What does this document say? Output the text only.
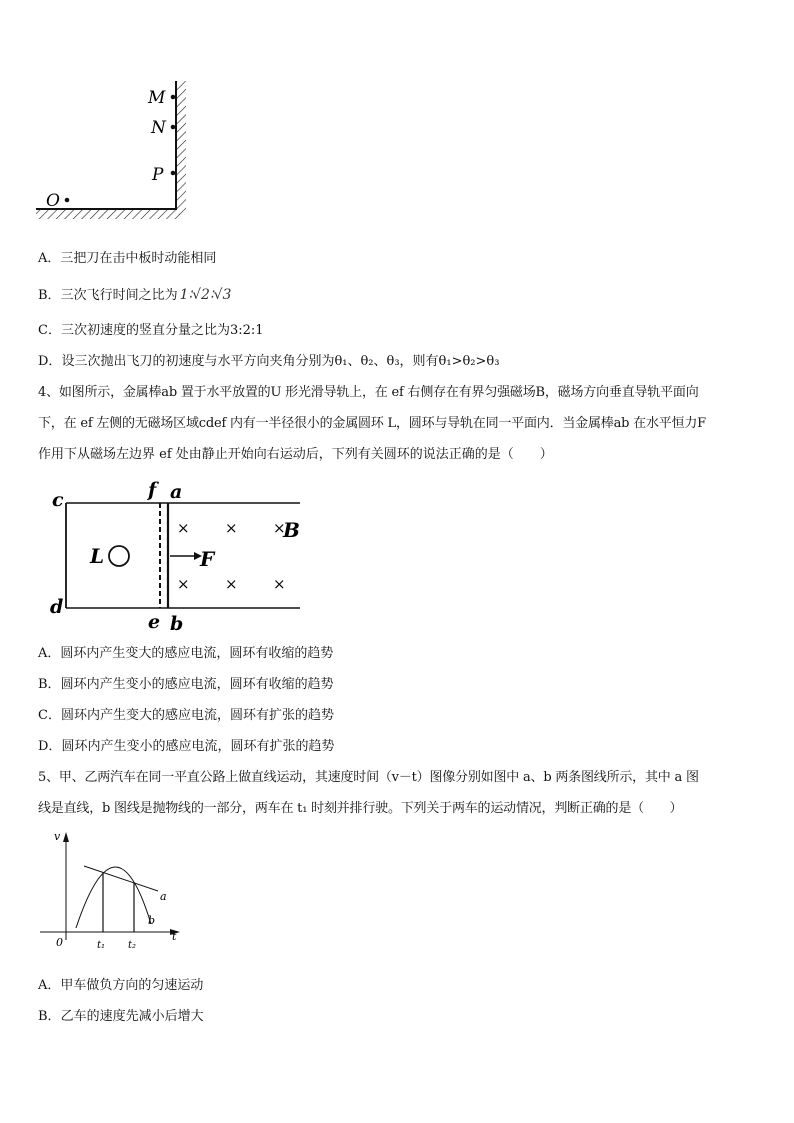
M
N
P
O
A．三把刀在击中板时动能相同
B．三次飞行时间之比为 1∶√2∶√3
C．三次初速度的竖直分量之比为3:2:1
D．设三次抛出飞刀的初速度与水平方向夹角分别为θ₁、θ₂、θ₃，则有θ₁>θ₂>θ₃
4、如图所示，金属棒ab 置于水平放置的U 形光滑导轨上，在 ef 右侧存在有界匀强磁场B，磁场方向垂直导轨平面向
下，在 ef 左侧的无磁场区域cdef 内有一半径很小的金属圆环 L，圆环与导轨在同一平面内．当金属棒ab 在水平恒力F
作用下从磁场左边界 ef 处由静止开始向右运动后，下列有关圆环的说法正确的是（　　）
× × ×
× × ×
c
d
f a
e b
L	F
B
A．圆环内产生变大的感应电流，圆环有收缩的趋势
B．圆环内产生变小的感应电流，圆环有收缩的趋势
C．圆环内产生变大的感应电流，圆环有扩张的趋势
D．圆环内产生变小的感应电流，圆环有扩张的趋势
5、甲、乙两汽车在同一平直公路上做直线运动，其速度时间（v－t）图像分别如图中 a、b 两条图线所示，其中 a 图
线是直线，b 图线是抛物线的一部分，两车在 t₁ 时刻并排行驶。下列关于两车的运动情况，判断正确的是（　　）
v
t
0	t₁ t₂
a
b
A．甲车做负方向的匀速运动
B．乙车的速度先减小后增大
